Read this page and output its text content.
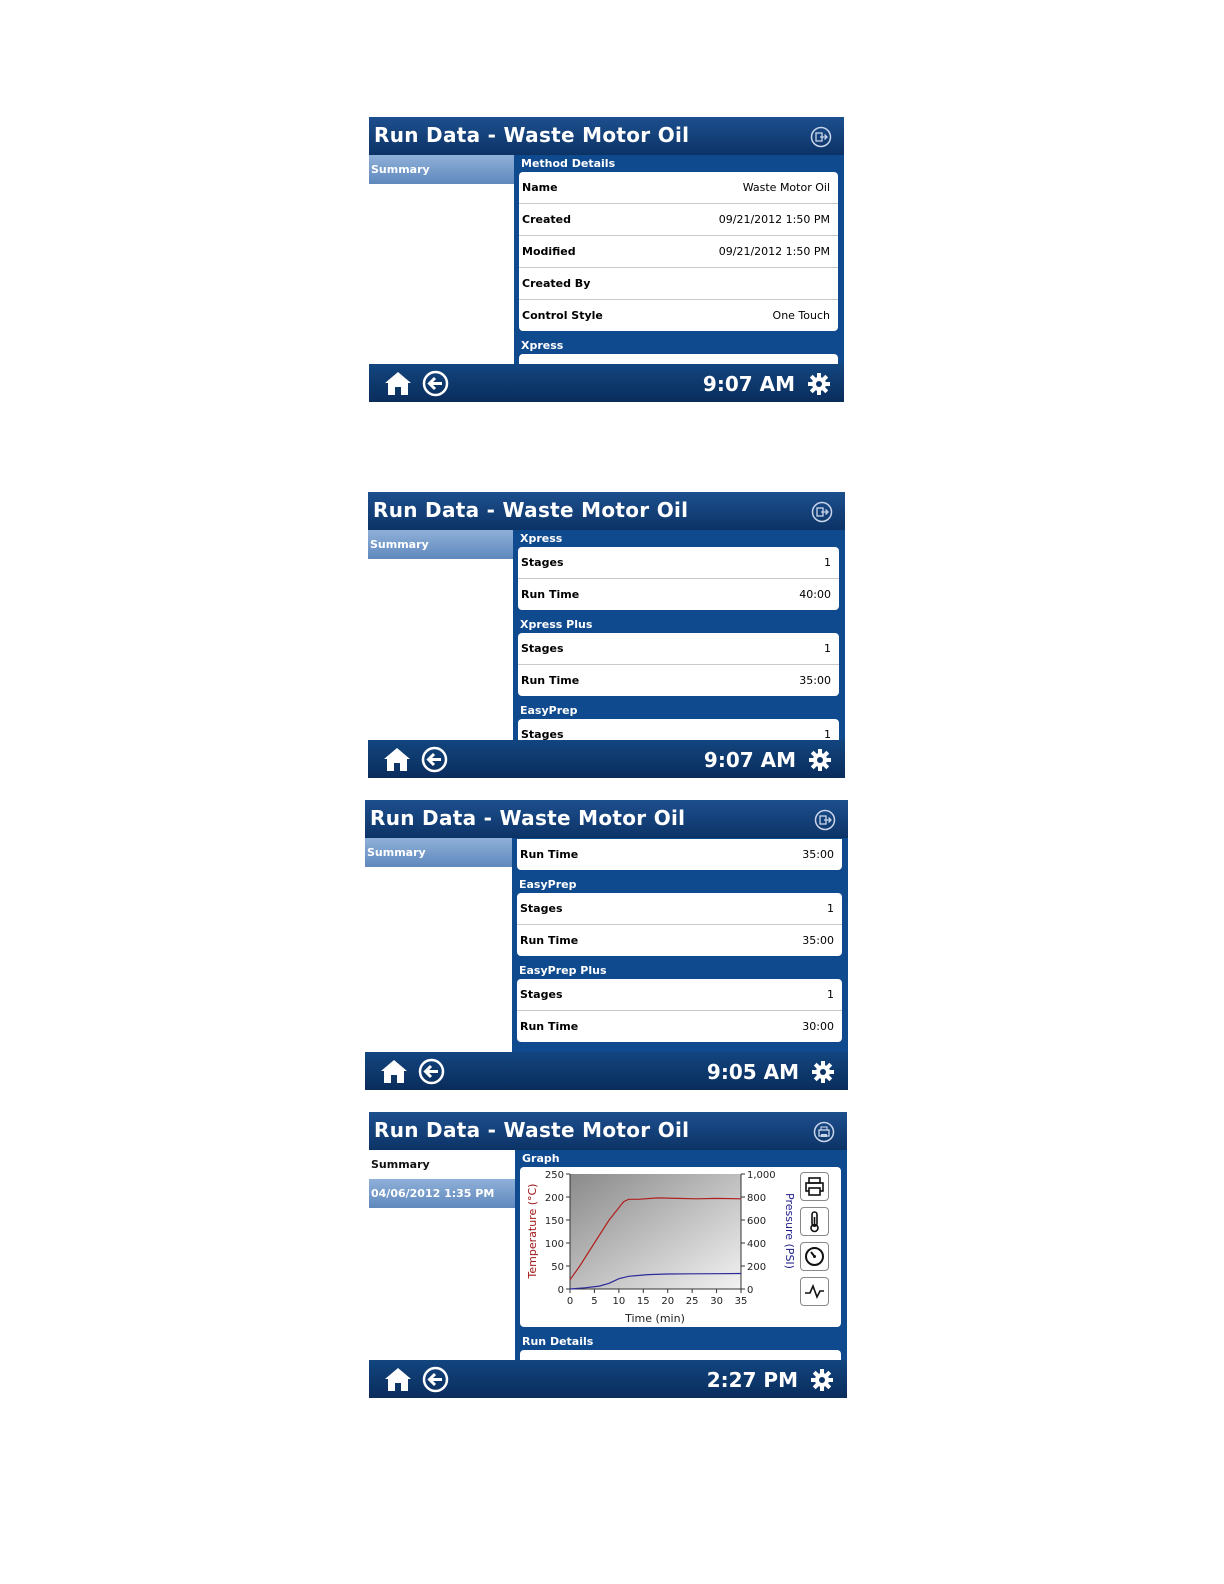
Run Data - Waste Motor Oil
Summary	Method Details
Name	Waste Motor Oil
Created	09/21/2012 1:50 PM
Modified	09/21/2012 1:50 PM
Created By
Control Style	One Touch
Xpress
9:07 AM
Run Data - Waste Motor Oil
Summary	Xpress
Stages	1
Run Time	40:00
Xpress Plus
Stages	1
Run Time	35:00
EasyPrep
Stages	1
9:07 AM
Run Data - Waste Motor Oil
Summary	Run Time	35:00
EasyPrep
Stages	1
Run Time	35:00
EasyPrep Plus
Stages	1
Run Time	30:00
9:05 AM
Run Data - Waste Motor Oil
Summary
04/06/2012 1:35 PM
Graph
0 5 10 15 20 25 30 35
0
50
100
150
200
250
0
200
400
600
800
1,000
Time (min)
Temperature (°C)	Pressure (PSI)
Run Details
2:27 PM
